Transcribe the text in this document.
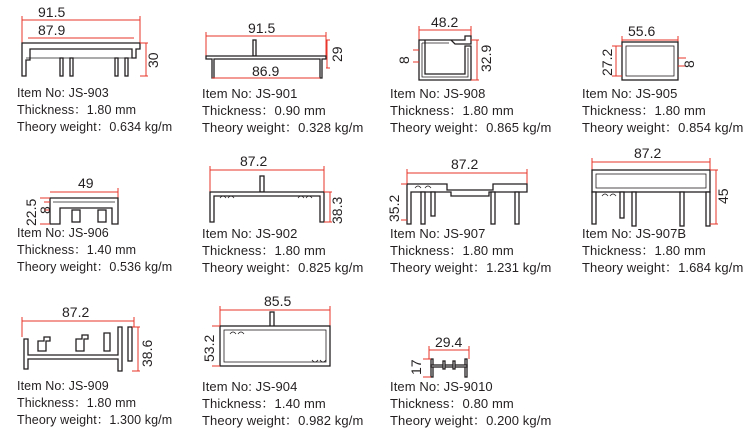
91.5
87.9
30
Item No: JS-903
Thickness：1.80 mm
Theory weight：0.634 kg/m
91.5
86.9
29
Item No: JS-901
Thickness：0.90 mm
Theory weight：0.328 kg/m
48.2
8	32.9
Item No: JS-908
Thickness：1.80 mm
Theory weight：0.865 kg/m
55.6
27.2	8
Item No: JS-905
Thickness：1.80 mm
Theory weight：0.854 kg/m
49
22.5
8
Item No: JS-906
Thickness：1.40 mm
Theory weight：0.536 kg/m
87.2
38.3
Item No: JS-902
Thickness：1.80 mm
Theory weight：0.825 kg/m
87.2
35.2
Item No: JS-907
Thickness：1.80 mm
Theory weight：1.231 kg/m
87.2
45
Item No: JS-907B
Thickness：1.80 mm
Theory weight：1.684 kg/m
87.2
38.6
Item No: JS-909
Thickness：1.80 mm
Theory weight：1.300 kg/m
85.5
53.2
Item No: JS-904
Thickness：1.40 mm
Theory weight：0.982 kg/m
29.4
17
Item No: JS-9010
Thickness：0.80 mm
Theory weight：0.200 kg/m
